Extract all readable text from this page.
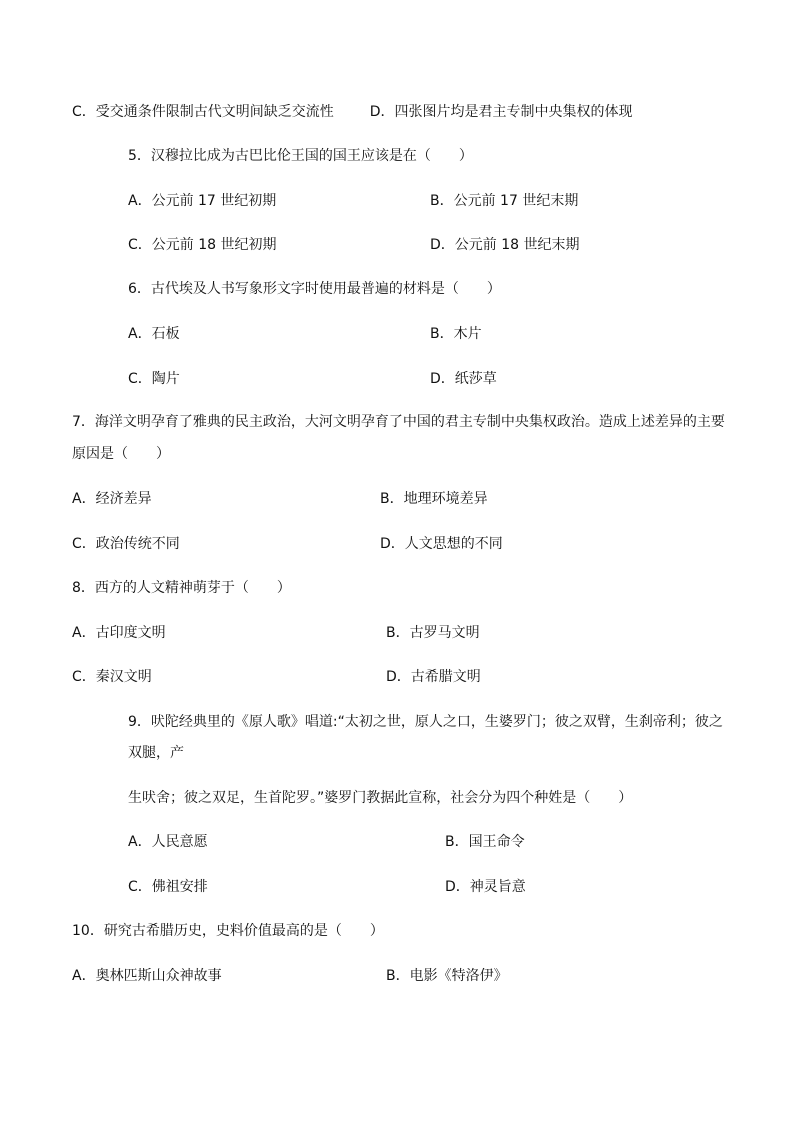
C．受交通条件限制古代文明间缺乏交流性	D．四张图片均是君主专制中央集权的体现
5．汉穆拉比成为古巴比伦王国的国王应该是在（　　）
A．公元前 17 世纪初期	B．公元前 17 世纪末期
C．公元前 18 世纪初期	D．公元前 18 世纪末期
6．古代埃及人书写象形文字时使用最普遍的材料是（　　）
A．石板	B．木片
C．陶片	D．纸莎草
7．海洋文明孕育了雅典的民主政治，大河文明孕育了中国的君主专制中央集权政治。造成上述差异的主要
原因是（　　）
A．经济差异	B．地理环境差异
C．政治传统不同	D．人文思想的不同
8．西方的人文精神萌芽于（　　）
A．古印度文明	B．古罗马文明
C．秦汉文明	D．古希腊文明
9．吠陀经典里的《原人歌》唱道:“太初之世，原人之口，生婆罗门；彼之双臂，生刹帝利；彼之
双腿，产
生吠舍；彼之双足，生首陀罗。”婆罗门教据此宣称，社会分为四个种姓是（　　）
A．人民意愿	B．国王命令
C．佛祖安排	D．神灵旨意
10．研究古希腊历史，史料价值最高的是（　　）
A．奥林匹斯山众神故事	B．电影《特洛伊》
